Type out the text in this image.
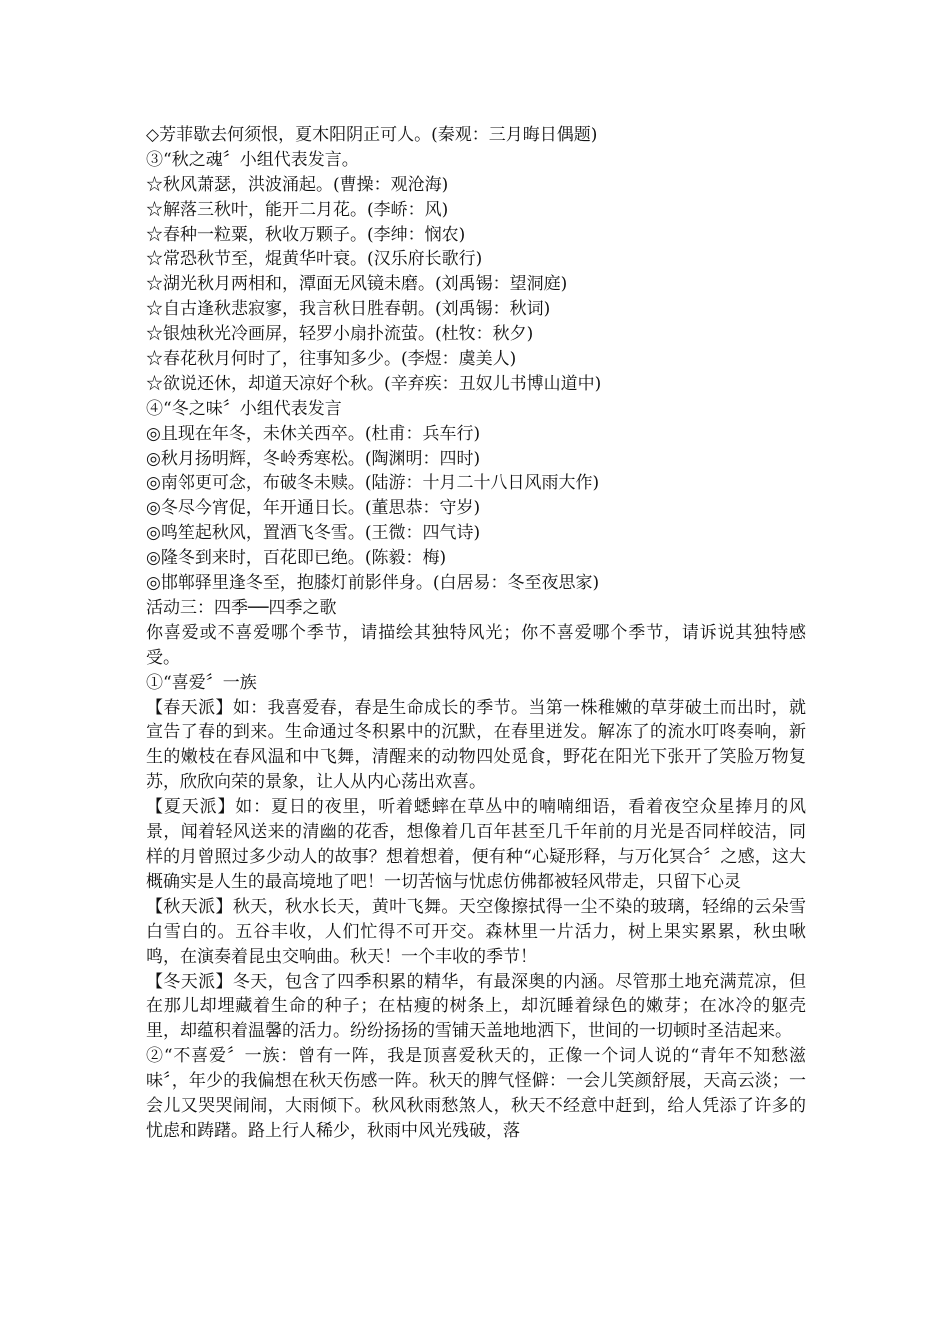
◇芳菲歇去何须恨，夏木阳阴正可人。(秦观：三月晦日偶题)
③“秋之魂〞小组代表发言。
☆秋风萧瑟，洪波涌起。(曹操：观沧海)
☆解落三秋叶，能开二月花。(李峤：风)
☆春种一粒粟，秋收万颗子。(李绅：悯农)
☆常恐秋节至，焜黄华叶衰。(汉乐府长歌行)
☆湖光秋月两相和，潭面无风镜未磨。(刘禹锡：望洞庭)
☆自古逢秋悲寂寥，我言秋日胜春朝。(刘禹锡：秋词)
☆银烛秋光冷画屏，轻罗小扇扑流萤。(杜牧：秋夕)
☆春花秋月何时了，往事知多少。(李煜：虞美人)
☆欲说还休，却道天凉好个秋。(辛弃疾：丑奴儿书博山道中)
④“冬之味〞小组代表发言
◎且现在年冬，未休关西卒。(杜甫：兵车行)
◎秋月扬明辉，冬岭秀寒松。(陶渊明：四时)
◎南邻更可念，布破冬未赎。(陆游：十月二十八日风雨大作)
◎冬尽今宵促，年开通日长。(董思恭：守岁)
◎鸣笙起秋风，置酒飞冬雪。(王微：四气诗)
◎隆冬到来时，百花即已绝。(陈毅：梅)
◎邯郸驿里逢冬至，抱膝灯前影伴身。(白居易：冬至夜思家)
活动三：四季──四季之歌
你喜爱或不喜爱哪个季节，请描绘其独特风光；你不喜爱哪个季节，请诉说其独特感受。
①“喜爱〞一族
【春天派】如：我喜爱春，春是生命成长的季节。当第一株稚嫩的草芽破土而出时，就宣告了春的到来。生命通过冬积累中的沉默，在春里迸发。解冻了的流水叮咚奏响，新生的嫩枝在春风温和中飞舞，清醒来的动物四处觅食，野花在阳光下张开了笑脸万物复苏，欣欣向荣的景象，让人从内心荡出欢喜。
【夏天派】如：夏日的夜里，听着蟋蟀在草丛中的喃喃细语，看着夜空众星捧月的风景，闻着轻风送来的清幽的花香，想像着几百年甚至几千年前的月光是否同样皎洁，同样的月曾照过多少动人的故事？想着想着，便有种“心疑形释，与万化冥合〞之感，这大概确实是人生的最高境地了吧！一切苦恼与忧虑仿佛都被轻风带走，只留下心灵
【秋天派】秋天，秋水长天，黄叶飞舞。天空像擦拭得一尘不染的玻璃，轻绵的云朵雪白雪白的。五谷丰收，人们忙得不可开交。森林里一片活力，树上果实累累，秋虫啾鸣，在演奏着昆虫交响曲。秋天！一个丰收的季节！
【冬天派】冬天，包含了四季积累的精华，有最深奥的内涵。尽管那土地充满荒凉，但在那儿却埋藏着生命的种子；在枯瘦的树条上，却沉睡着绿色的嫩芽；在冰冷的躯壳里，却蕴积着温馨的活力。纷纷扬扬的雪铺天盖地地洒下，世间的一切顿时圣洁起来。
②“不喜爱〞一族：曾有一阵，我是顶喜爱秋天的，正像一个词人说的“青年不知愁滋味〞，年少的我偏想在秋天伤感一阵。秋天的脾气怪僻：一会儿笑颜舒展，天高云淡；一会儿又哭哭闹闹，大雨倾下。秋风秋雨愁煞人，秋天不经意中赶到，给人凭添了许多的忧虑和踌躇。路上行人稀少，秋雨中风光残破，落
